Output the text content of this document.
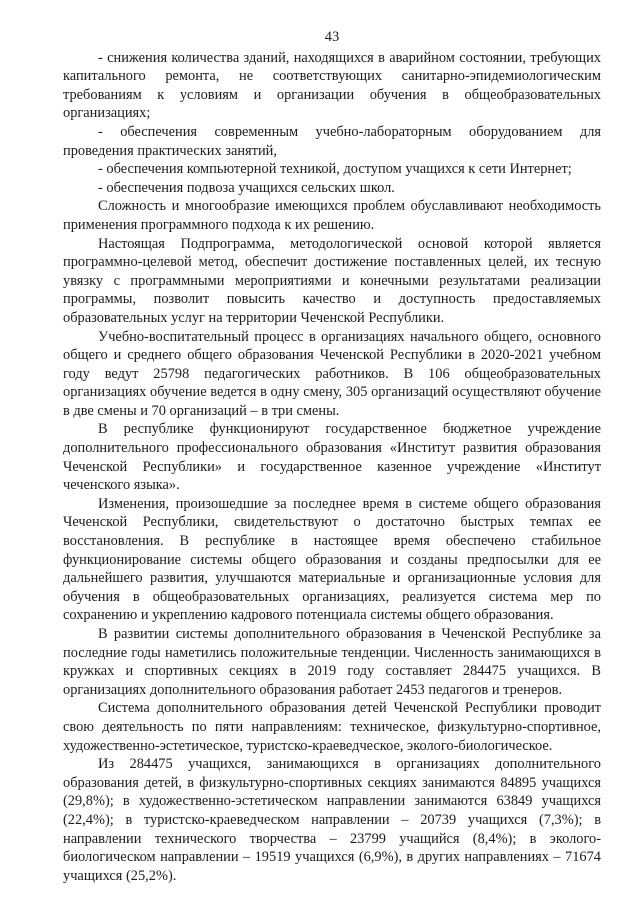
43

- снижения количества зданий, находящихся в аварийном состоянии, требующих капитального ремонта, не соответствующих санитарно-эпидемиологическим требованиям к условиям и организации обучения в общеобразовательных организациях;

- обеспечения современным учебно-лабораторным оборудованием для проведения практических занятий,

- обеспечения компьютерной техникой, доступом учащихся к сети Интернет;

- обеспечения подвоза учащихся сельских школ.

Сложность и многообразие имеющихся проблем обуславливают необходимость применения программного подхода к их решению.

Настоящая Подпрограмма, методологической основой которой является программно-целевой метод, обеспечит достижение поставленных целей, их тесную увязку с программными мероприятиями и конечными результатами реализации программы, позволит повысить качество и доступность предоставляемых образовательных услуг на территории Чеченской Республики.

Учебно-воспитательный процесс в организациях начального общего, основного общего и среднего общего образования Чеченской Республики в 2020-2021 учебном году ведут 25798 педагогических работников. В 106 общеобразовательных организациях обучение ведется в одну смену, 305 организаций осуществляют обучение в две смены и 70 организаций – в три смены.

В республике функционируют государственное бюджетное учреждение дополнительного профессионального образования «Институт развития образования Чеченской Республики» и государственное казенное учреждение «Институт чеченского языка».

Изменения, произошедшие за последнее время в системе общего образования Чеченской Республики, свидетельствуют о достаточно быстрых темпах ее восстановления. В республике в настоящее время обеспечено стабильное функционирование системы общего образования и созданы предпосылки для ее дальнейшего развития, улучшаются материальные и организационные условия для обучения в общеобразовательных организациях, реализуется система мер по сохранению и укреплению кадрового потенциала системы общего образования.

В развитии системы дополнительного образования в Чеченской Республике за последние годы наметились положительные тенденции. Численность занимающихся в кружках и спортивных секциях в 2019 году составляет 284475 учащихся. В организациях дополнительного образования работает 2453 педагогов и тренеров.

Система дополнительного образования детей Чеченской Республики проводит свою деятельность по пяти направлениям: техническое, физкультурно-спортивное, художественно-эстетическое, туристско-краеведческое, эколого-биологическое.

Из 284475 учащихся, занимающихся в организациях дополнительного образования детей, в физкультурно-спортивных секциях занимаются 84895 учащихся (29,8%); в художественно-эстетическом направлении занимаются 63849 учащихся (22,4%); в туристско-краеведческом направлении – 20739 учащихся (7,3%); в направлении технического творчества – 23799 учащийся (8,4%); в эколого-биологическом направлении – 19519 учащихся (6,9%), в других направлениях – 71674 учащихся (25,2%).
